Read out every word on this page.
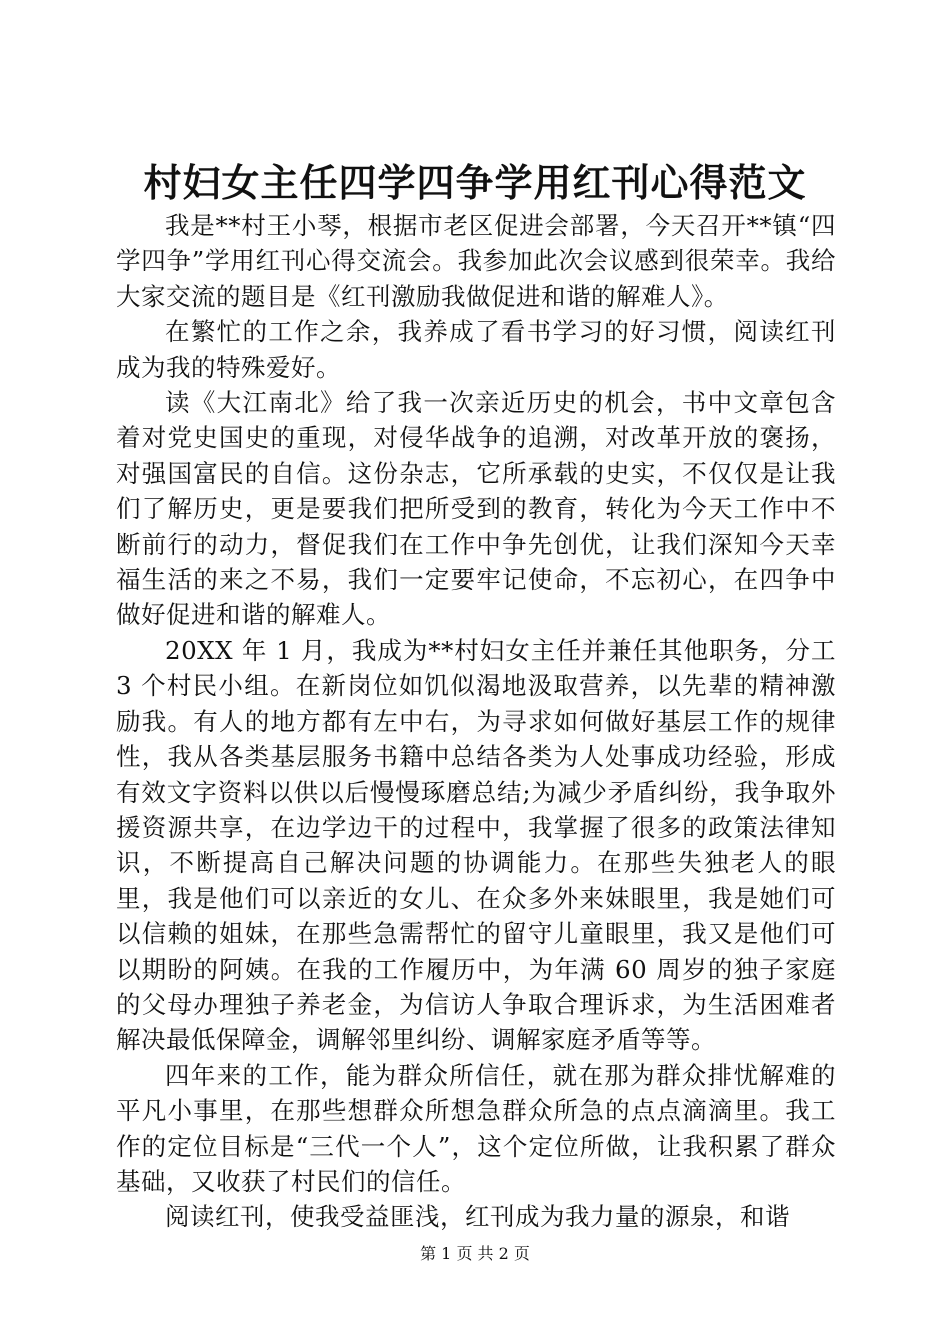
村妇女主任四学四争学用红刊心得范文

我是**村王小琴，根据市老区促进会部署，今天召开**镇“四学四争”学用红刊心得交流会。我参加此次会议感到很荣幸。我给大家交流的题目是《红刊激励我做促进和谐的解难人》。

在繁忙的工作之余，我养成了看书学习的好习惯，阅读红刊成为我的特殊爱好。

读《大江南北》给了我一次亲近历史的机会，书中文章包含着对党史国史的重现，对侵华战争的追溯，对改革开放的褒扬，对强国富民的自信。这份杂志，它所承载的史实，不仅仅是让我们了解历史，更是要我们把所受到的教育，转化为今天工作中不断前行的动力，督促我们在工作中争先创优，让我们深知今天幸福生活的来之不易，我们一定要牢记使命，不忘初心，在四争中做好促进和谐的解难人。

20XX 年 1 月，我成为**村妇女主任并兼任其他职务，分工 3 个村民小组。在新岗位如饥似渴地汲取营养，以先辈的精神激励我。有人的地方都有左中右，为寻求如何做好基层工作的规律性，我从各类基层服务书籍中总结各类为人处事成功经验，形成有效文字资料以供以后慢慢琢磨总结;为减少矛盾纠纷，我争取外援资源共享，在边学边干的过程中，我掌握了很多的政策法律知识，不断提高自己解决问题的协调能力。在那些失独老人的眼里，我是他们可以亲近的女儿、在众多外来妹眼里，我是她们可以信赖的姐妹，在那些急需帮忙的留守儿童眼里，我又是他们可以期盼的阿姨。在我的工作履历中，为年满 60 周岁的独子家庭的父母办理独子养老金，为信访人争取合理诉求，为生活困难者解决最低保障金，调解邻里纠纷、调解家庭矛盾等等。

四年来的工作，能为群众所信任，就在那为群众排忧解难的平凡小事里，在那些想群众所想急群众所急的点点滴滴里。我工作的定位目标是“三代一个人”，这个定位所做，让我积累了群众基础，又收获了村民们的信任。

阅读红刊，使我受益匪浅，红刊成为我力量的源泉，和谐

第 1 页 共 2 页
